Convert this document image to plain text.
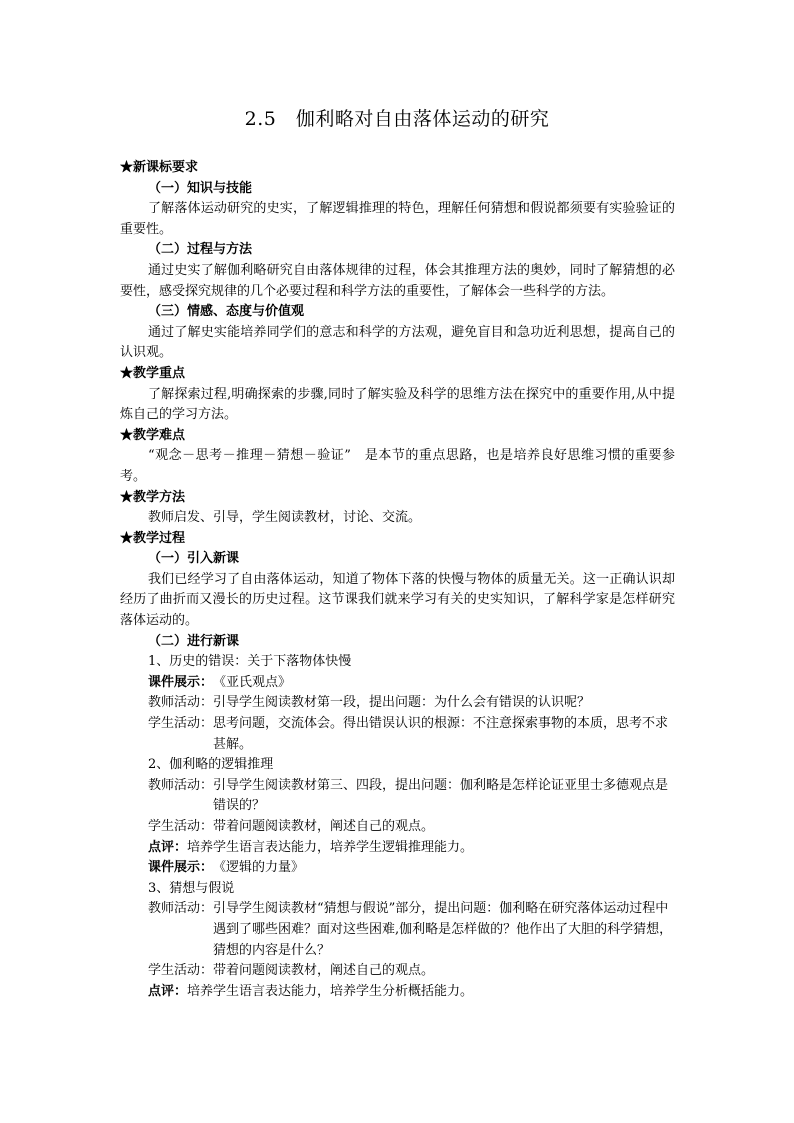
2.5　伽利略对自由落体运动的研究
★新课标要求
（一）知识与技能
了解落体运动研究的史实，了解逻辑推理的特色，理解任何猜想和假说都须要有实验验证的重要性。
（二）过程与方法
通过史实了解伽利略研究自由落体规律的过程，体会其推理方法的奥妙，同时了解猜想的必要性，感受探究规律的几个必要过程和科学方法的重要性，了解体会一些科学的方法。
（三）情感、态度与价值观
通过了解史实能培养同学们的意志和科学的方法观，避免盲目和急功近利思想，提高自己的认识观。
★教学重点
了解探索过程,明确探索的步骤,同时了解实验及科学的思维方法在探究中的重要作用,从中提炼自己的学习方法。
★教学难点
“观念－思考－推理－猜想－验证”　是本节的重点思路，也是培养良好思维习惯的重要参考。
★教学方法
教师启发、引导，学生阅读教材，讨论、交流。
★教学过程
（一）引入新课
我们已经学习了自由落体运动，知道了物体下落的快慢与物体的质量无关。这一正确认识却经历了曲折而又漫长的历史过程。这节课我们就来学习有关的史实知识，了解科学家是怎样研究落体运动的。
（二）进行新课
1、历史的错误：关于下落物体快慢
课件展示： 《亚氏观点》
教师活动： 引导学生阅读教材第一段，提出问题：为什么会有错误的认识呢？
学生活动： 思考问题，交流体会。得出错误认识的根源：不注意探索事物的本质，思考不求甚解。
2、伽利略的逻辑推理
教师活动： 引导学生阅读教材第三、四段，提出问题：伽利略是怎样论证亚里士多德观点是错误的？
学生活动： 带着问题阅读教材，阐述自己的观点。
点评： 培养学生语言表达能力，培养学生逻辑推理能力。
课件展示： 《逻辑的力量》
3、猜想与假说
教师活动： 引导学生阅读教材“猜想与假说”部分，提出问题：伽利略在研究落体运动过程中遇到了哪些困难？面对这些困难,伽利略是怎样做的？他作出了大胆的科学猜想，猜想的内容是什么？
学生活动： 带着问题阅读教材，阐述自己的观点。
点评： 培养学生语言表达能力，培养学生分析概括能力。
